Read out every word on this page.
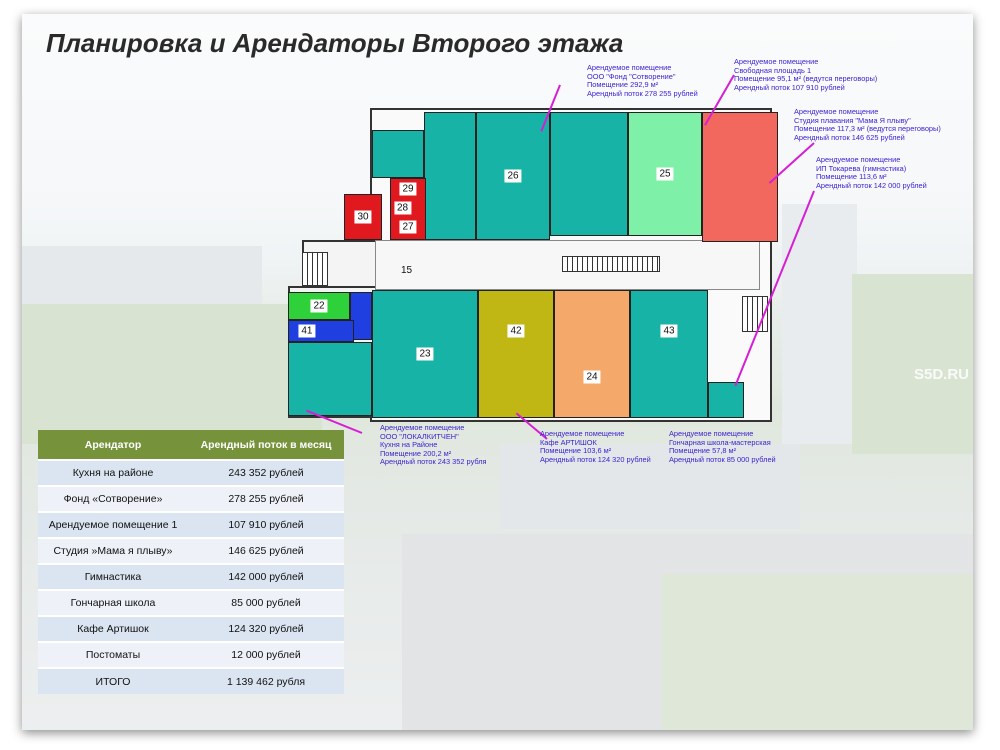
Планировка и Арендаторы Второго этажа
S5D.RU
26	25
30
29
28
27
15
22
41
23
42
24
43
Арендуемое помещение
ООО "Фонд "Сотворение"
Помещение 292,9 м²
Арендный поток 278 255 рублей
Арендуемое помещение
Свободная площадь 1
Помещение 95,1 м² (ведутся переговоры)
Арендный поток 107 910 рублей
Арендуемое помещение
Студия плавания "Мама Я плыву"
Помещение 117,3 м² (ведутся переговоры)
Арендный поток 146 625 рублей
Арендуемое помещение
ИП Токарева (гимнастика)
Помещение 113,6 м²
Арендный поток 142 000 рублей
Арендуемое помещение
ООО "ЛОКАЛКИТЧЕН"
Кухня на Районе
Помещение 200,2 м²
Арендный поток 243 352 рубля
Арендуемое помещение
Кафе АРТИШОК
Помещение 103,6 м²
Арендный поток 124 320 рублей
Арендуемое помещение
Гончарная школа-мастерская
Помещение 57,8 м²
Арендный поток 85 000 рублей
Арендатор	Арендный поток в месяц
Кухня на районе	243 352 рублей
Фонд «Сотворение»	278 255 рублей
Арендуемое помещение 1	107 910 рублей
Студия »Мама я плыву»	146 625 рублей
Гимнастика	142 000 рублей
Гончарная школа	85 000 рублей
Кафе Артишок	124 320 рублей
Постоматы	12 000 рублей
ИТОГО	1 139 462 рубля
